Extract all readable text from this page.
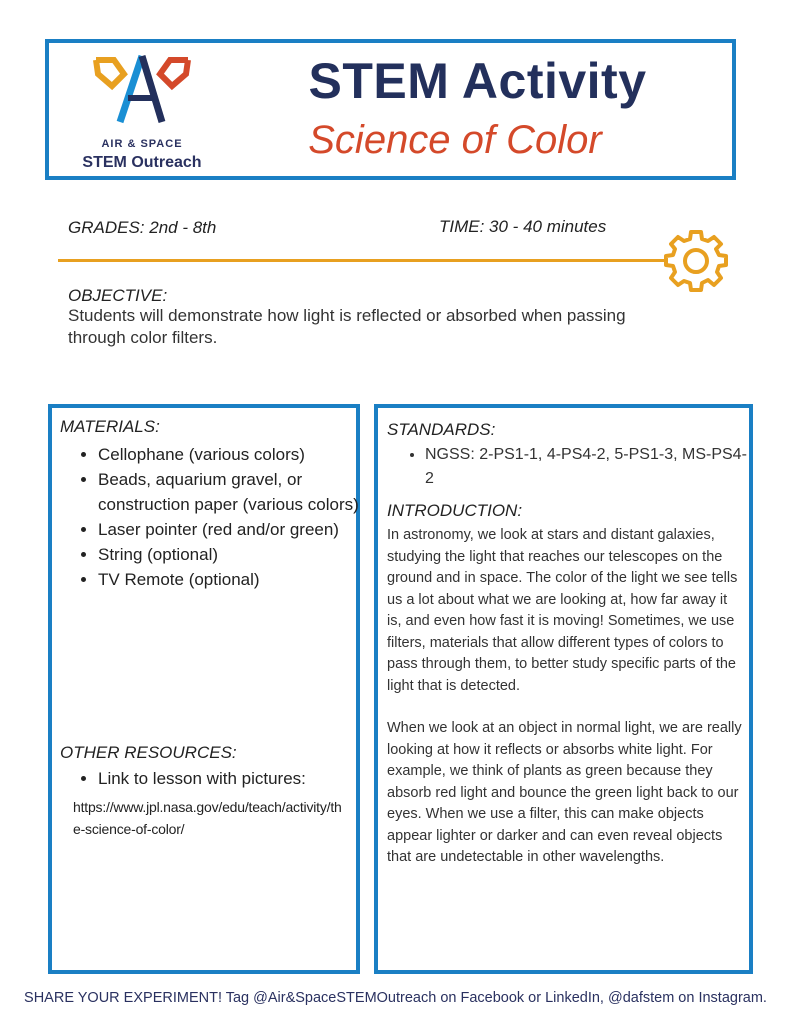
AIR & SPACE
STEM Outreach
STEM Activity
Science of Color
GRADES: 2nd - 8th	TIME: 30 - 40 minutes
OBJECTIVE:
Students will demonstrate how light is reflected or absorbed when passing through color filters.
MATERIALS:
• Cellophane (various colors)
• Beads, aquarium gravel, or construction paper (various colors)
• Laser pointer (red and/or green)
• String (optional)
• TV Remote (optional)
OTHER RESOURCES:
• Link to lesson with pictures:
https://www.jpl.nasa.gov/edu/teach/activity/the-science-of-color/
STANDARDS:
• NGSS: 2-PS1-1, 4-PS4-2, 5-PS1-3, MS-PS4-2
INTRODUCTION:

In astronomy, we look at stars and distant galaxies, studying the light that reaches our telescopes on the ground and in space. The color of the light we see tells us a lot about what we are looking at, how far away it is, and even how fast it is moving! Sometimes, we use filters, materials that allow different types of colors to pass through them, to better study specific parts of the light that is detected.

When we look at an object in normal light, we are really looking at how it reflects or absorbs white light. For example, we think of plants as green because they absorb red light and bounce the green light back to our eyes. When we use a filter, this can make objects appear lighter or darker and can even reveal objects that are undetectable in other wavelengths.

SHARE YOUR EXPERIMENT! Tag @Air&SpaceSTEMOutreach on Facebook or LinkedIn, @dafstem on Instagram.
